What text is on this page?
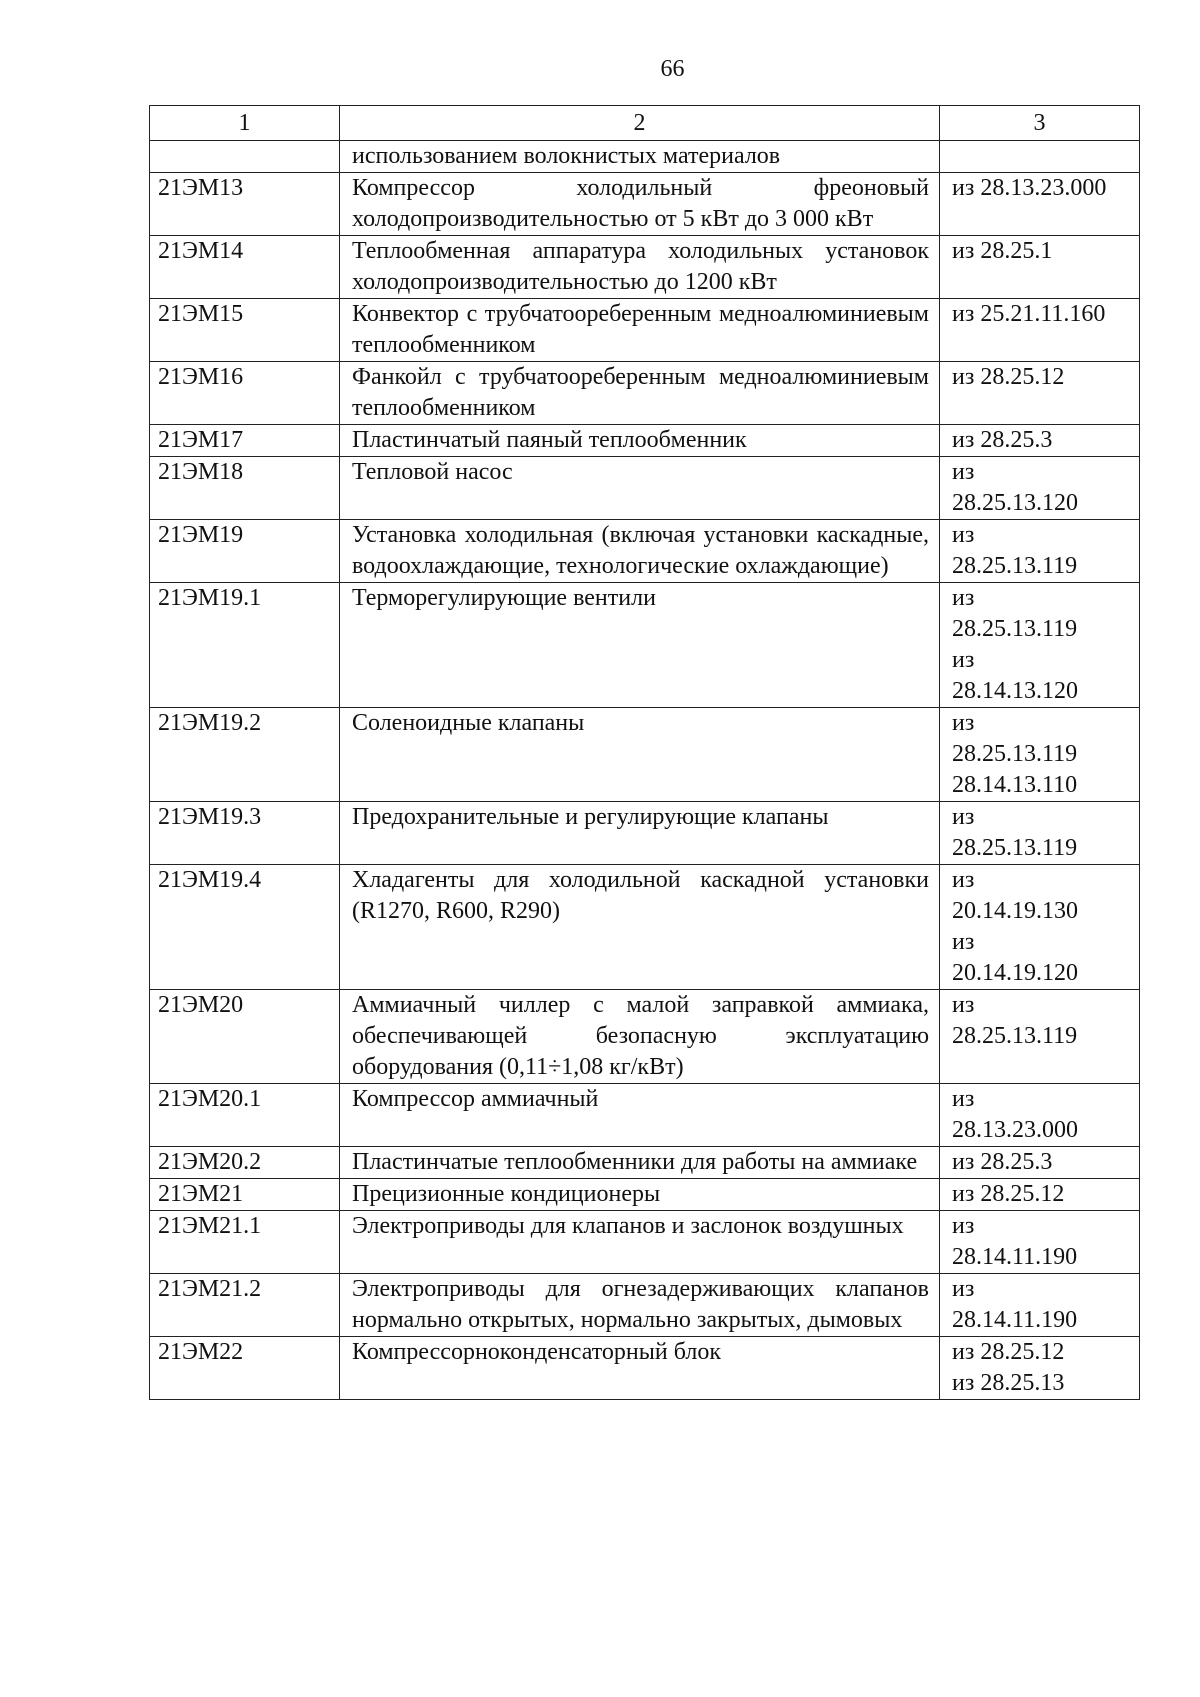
66
1	2	3
	использованием волокнистых материалов	
21ЭМ13	Компрессор холодильный фреоновый холодопроизводительностью от 5 кВт до 3 000 кВт	из 28.13.23.000

21ЭМ14	Теплообменная аппаратура холодильных установок холодопроизводительностью до 1200 кВт	из 28.25.1

21ЭМ15	Конвектор с трубчатоореберенным медноалюминиевым теплообменником	из 25.21.11.160

21ЭМ16	Фанкойл с трубчатоореберенным медноалюминиевым теплообменником	из 28.25.12

21ЭМ17	Пластинчатый паяный теплообменник	из 28.25.3

21ЭМ18	Тепловой насос	из
28.25.13.120

21ЭМ19	Установка холодильная (включая установки каскадные, водоохлаждающие, технологические охлаждающие)	из
28.25.13.119

21ЭМ19.1	Терморегулирующие вентили	из
28.25.13.119
из
28.14.13.120

21ЭМ19.2	Соленоидные клапаны	из
28.25.13.119
28.14.13.110

21ЭМ19.3	Предохранительные и регулирующие клапаны	из
28.25.13.119

21ЭМ19.4	Хладагенты для холодильной каскадной установки (R1270, R600, R290)	из
20.14.19.130
из
20.14.19.120

21ЭМ20	Аммиачный чиллер с малой заправкой аммиака, обеспечивающей безопасную эксплуатацию оборудования (0,11÷1,08 кг/кВт)	из
28.25.13.119

21ЭМ20.1	Компрессор аммиачный	из
28.13.23.000

21ЭМ20.2	Пластинчатые теплообменники для работы на аммиаке	из 28.25.3

21ЭМ21	Прецизионные кондиционеры	из 28.25.12

21ЭМ21.1	Электроприводы для клапанов и заслонок воздушных	из
28.14.11.190

21ЭМ21.2	Электроприводы для огнезадерживающих клапанов нормально открытых, нормально закрытых, дымовых	из
28.14.11.190

21ЭМ22	Компрессорноконденсаторный блок	из 28.25.12
из 28.25.13
